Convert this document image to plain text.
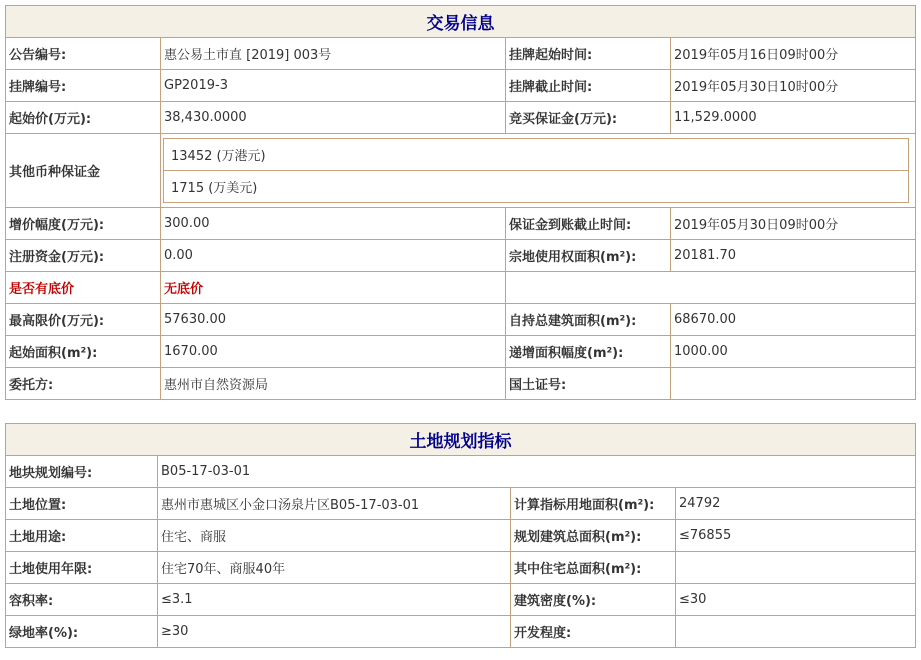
交易信息
公告编号:	惠公易土市直 [2019] 003号	挂牌起始时间:	2019年05月16日09时00分
挂牌编号:	GP2019-3	挂牌截止时间:	2019年05月30日10时00分
起始价(万元):	38,430.0000	竞买保证金(万元):	11,529.0000
其他币种保证金	
13452 (万港元)
1715 (万美元)

增价幅度(万元):	300.00	保证金到账截止时间:	2019年05月30日09时00分
注册资金(万元):	0.00	宗地使用权面积(m²):	20181.70
是否有底价	无底价	
最高限价(万元):	57630.00	自持总建筑面积(m²):	68670.00
起始面积(m²):	1670.00	递增面积幅度(m²):	1000.00
委托方:	惠州市自然资源局	国土证号:	
土地规划指标			
地块规划编号:	B05-17-03-01		
土地位置:	惠州市惠城区小金口汤泉片区B05-17-03-01	计算指标用地面积(m²):	24792
土地用途:	住宅、商服	规划建筑总面积(m²):	≤76855
土地使用年限:	住宅70年、商服40年	其中住宅总面积(m²):	
容积率:	≤3.1	建筑密度(%):	≤30
绿地率(%):	≥30	开发程度:	
